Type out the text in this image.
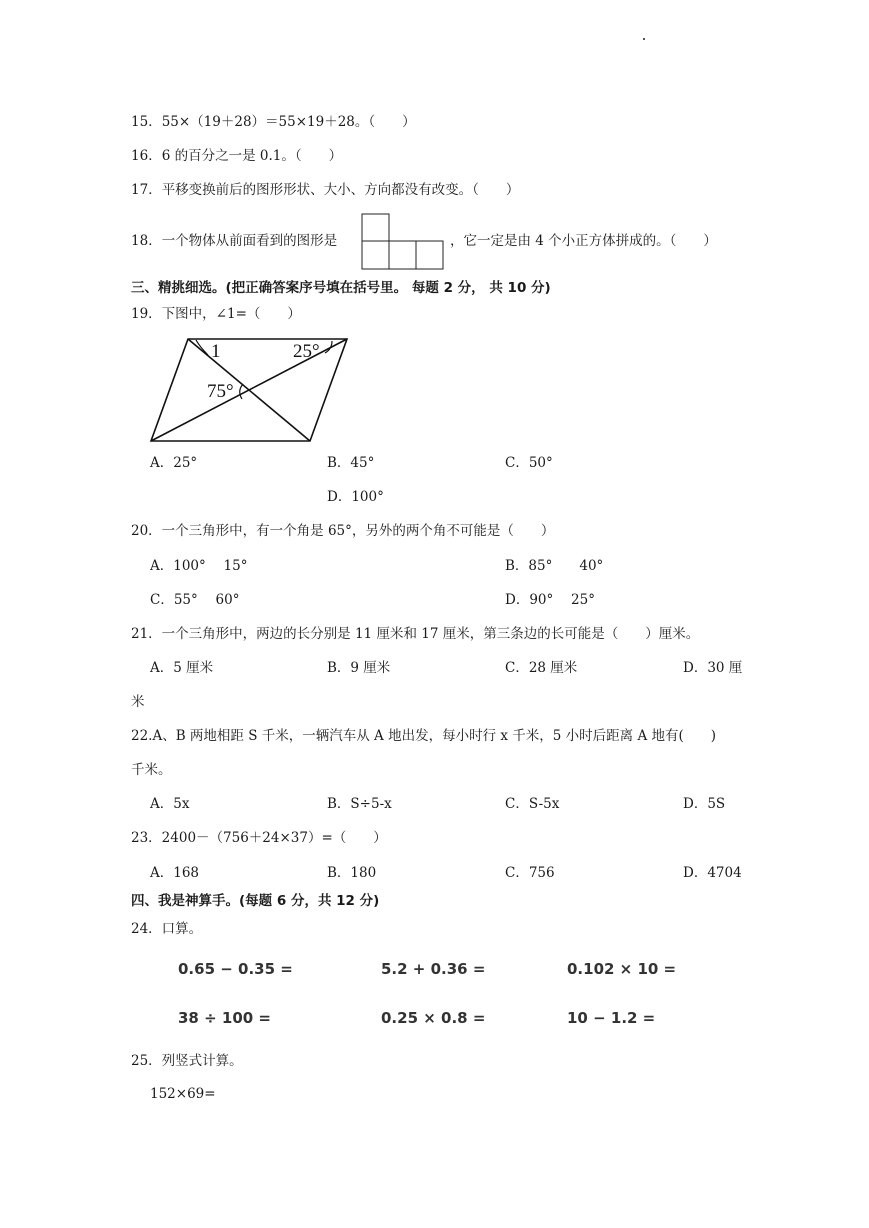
15．55×（19＋28）＝55×19＋28。（　　）
16．6 的百分之一是 0.1。（　　）
17．平移变换前后的图形形状、大小、方向都没有改变。（　　）
18．一个物体从前面看到的图形是	，它一定是由 4 个小正方体拼成的。（　　）
三、精挑细选。(把正确答案序号填在括号里。 每题 2 分， 共 10 分)
19．下图中，∠1=（　　）
1	25°
75°
A．25°	B．45°	C．50°
D．100°
20．一个三角形中，有一个角是 65°，另外的两个角不可能是（　　）
A．100°　 15°	B．85°　　40°
C．55°　 60°	D．90°　 25°
21．一个三角形中，两边的长分别是 11 厘米和 17 厘米，第三条边的长可能是（　　）厘米。
A．5 厘米	B．9 厘米	C．28 厘米	D．30 厘
米
22.A、B 两地相距 S 千米，一辆汽车从 A 地出发，每小时行 x 千米，5 小时后距离 A 地有(　　)
千米。
A．5x	B．S÷5-x	C．S-5x	D．5S
23．2400－（756＋24×37）=（　　）
A．168	B．180	C．756	D．4704
四、我是神算手。(每题 6 分，共 12 分)
24．口算。
0.65 − 0.35 =	5.2 + 0.36 =	0.102 × 10 =
38 ÷ 100 =	0.25 × 0.8 =	10 − 1.2 =
25．列竖式计算。
152×69=
